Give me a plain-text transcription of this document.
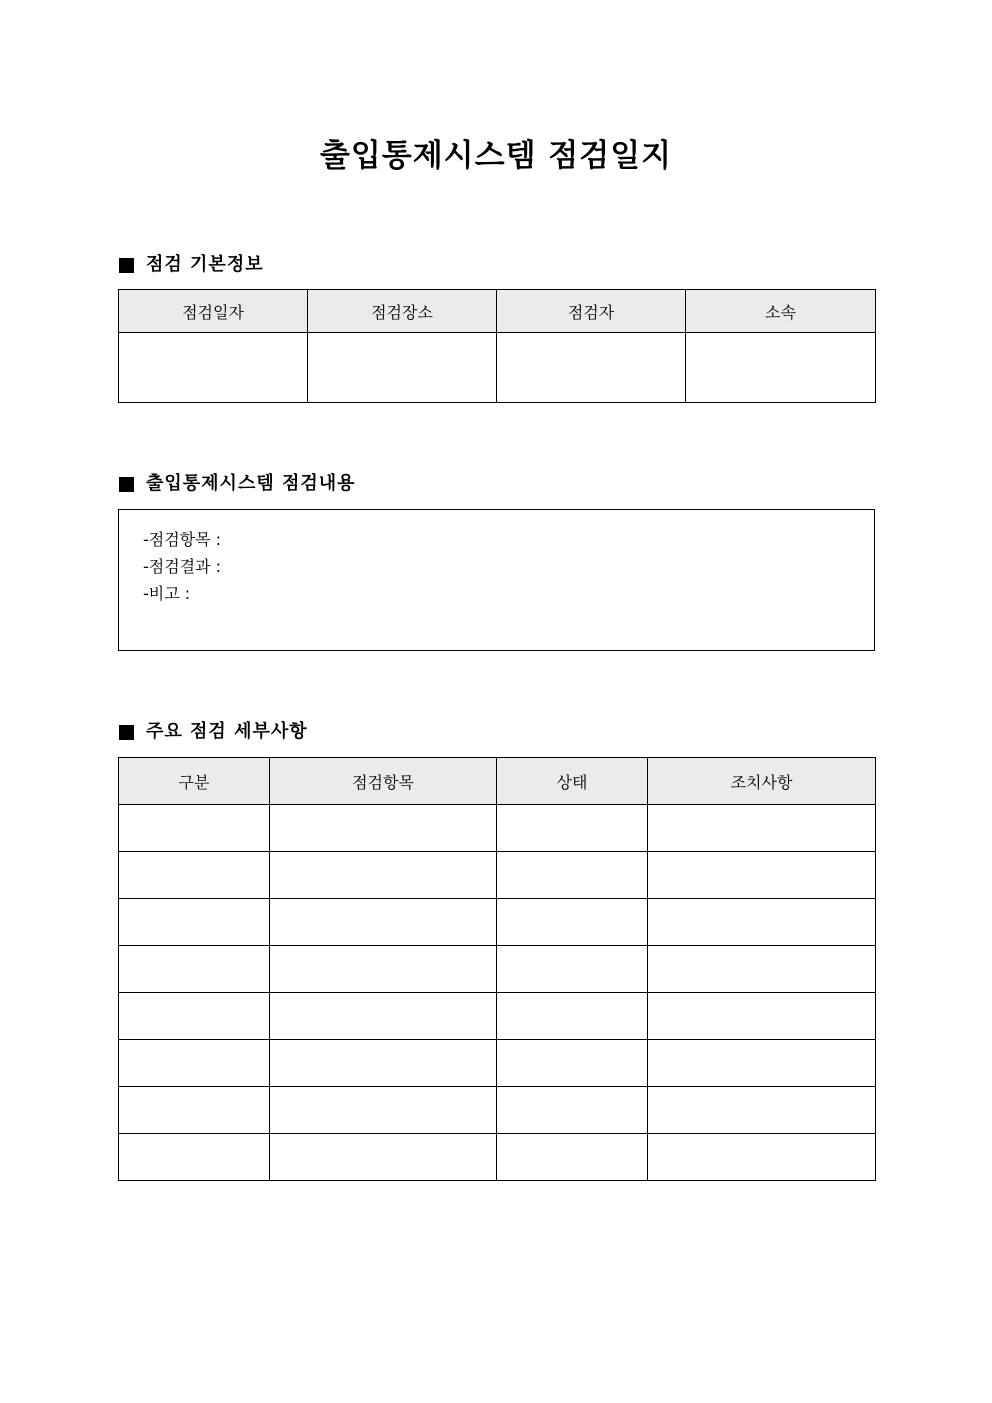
출입통제시스템 점검일지
점검 기본정보
점검일자	점검장소	점검자	소속

출입통제시스템 점검내용
-점검항목 :
-점검결과 :
-비고 :
주요 점검 세부사항
구분	점검항목	상태	조치사항
